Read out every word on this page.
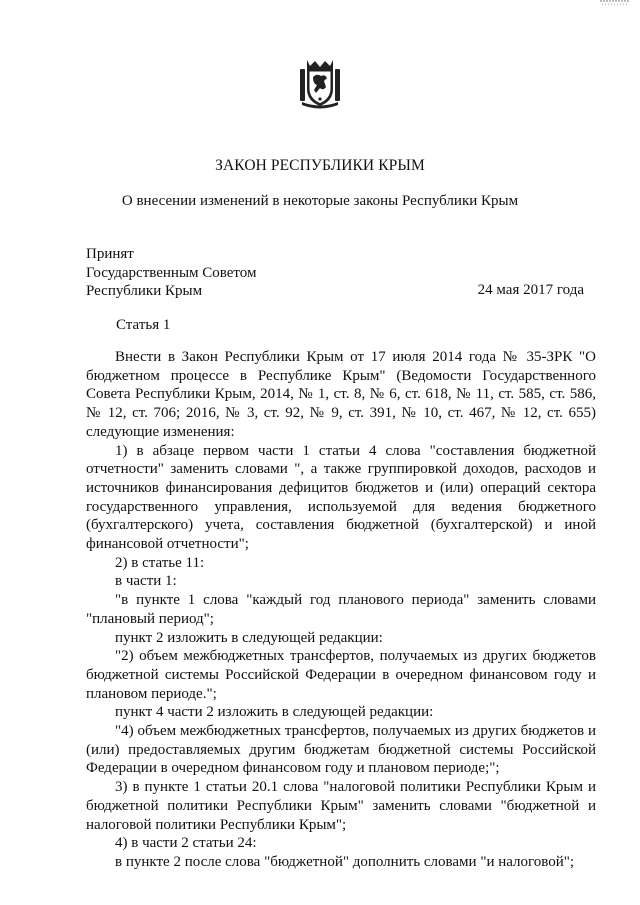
ЗАКОН РЕСПУБЛИКИ КРЫМ
О внесении изменений в некоторые законы Республики Крым
Принят
Государственным Советом
Республики Крым	24 мая 2017 года
Статья 1

Внести в Закон Республики Крым от 17 июля 2014 года № 35-ЗРК "О бюджетном процессе в Республике Крым" (Ведомости Государственного Совета Республики Крым, 2014, № 1, ст. 8, № 6, ст. 618, № 11, ст. 585, ст. 586, № 12, ст. 706; 2016, № 3, ст. 92, № 9, ст. 391, № 10, ст. 467, № 12, ст. 655) следующие изменения:

1) в абзаце первом части 1 статьи 4 слова "составления бюджетной отчетности" заменить словами ", а также группировкой доходов, расходов и источников финансирования дефицитов бюджетов и (или) операций сектора государственного управления, используемой для ведения бюджетного (бухгалтерского) учета, составления бюджетной (бухгалтерской) и иной финансовой отчетности";

2) в статье 11:

в части 1:

"в пункте 1 слова "каждый год планового периода" заменить словами "плановый период";

пункт 2 изложить в следующей редакции:

"2) объем межбюджетных трансфертов, получаемых из других бюджетов бюджетной системы Российской Федерации в очередном финансовом году и плановом периоде.";

пункт 4 части 2 изложить в следующей редакции:

"4) объем межбюджетных трансфертов, получаемых из других бюджетов и (или) предоставляемых другим бюджетам бюджетной системы Российской Федерации в очередном финансовом году и плановом периоде;";

3) в пункте 1 статьи 20.1 слова "налоговой политики Республики Крым и бюджетной политики Республики Крым" заменить словами "бюджетной и налоговой политики Республики Крым";

4) в части 2 статьи 24:

в пункте 2 после слова "бюджетной" дополнить словами "и налоговой";
